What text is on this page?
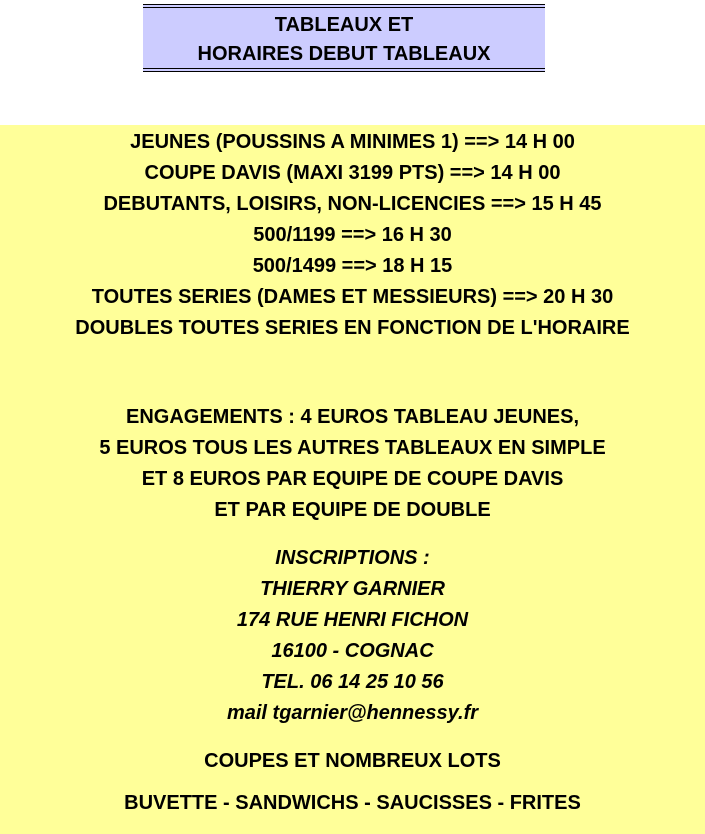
TABLEAUX ET
HORAIRES DEBUT TABLEAUX
JEUNES (POUSSINS A MINIMES 1) ==> 14 H 00
COUPE DAVIS (MAXI 3199 PTS) ==> 14 H 00
DEBUTANTS, LOISIRS, NON-LICENCIES ==> 15 H 45
500/1199 ==> 16 H 30
500/1499 ==> 18 H 15
TOUTES SERIES (DAMES ET MESSIEURS) ==> 20 H 30
DOUBLES TOUTES SERIES EN FONCTION DE L'HORAIRE
ENGAGEMENTS : 4 EUROS TABLEAU JEUNES,
5 EUROS TOUS LES AUTRES TABLEAUX EN SIMPLE
ET 8 EUROS PAR EQUIPE DE COUPE DAVIS
ET PAR EQUIPE DE DOUBLE
INSCRIPTIONS :
THIERRY GARNIER
174 RUE HENRI FICHON
16100 - COGNAC
TEL. 06 14 25 10 56
mail tgarnier@hennessy.fr
COUPES ET NOMBREUX LOTS
BUVETTE - SANDWICHS - SAUCISSES - FRITES
